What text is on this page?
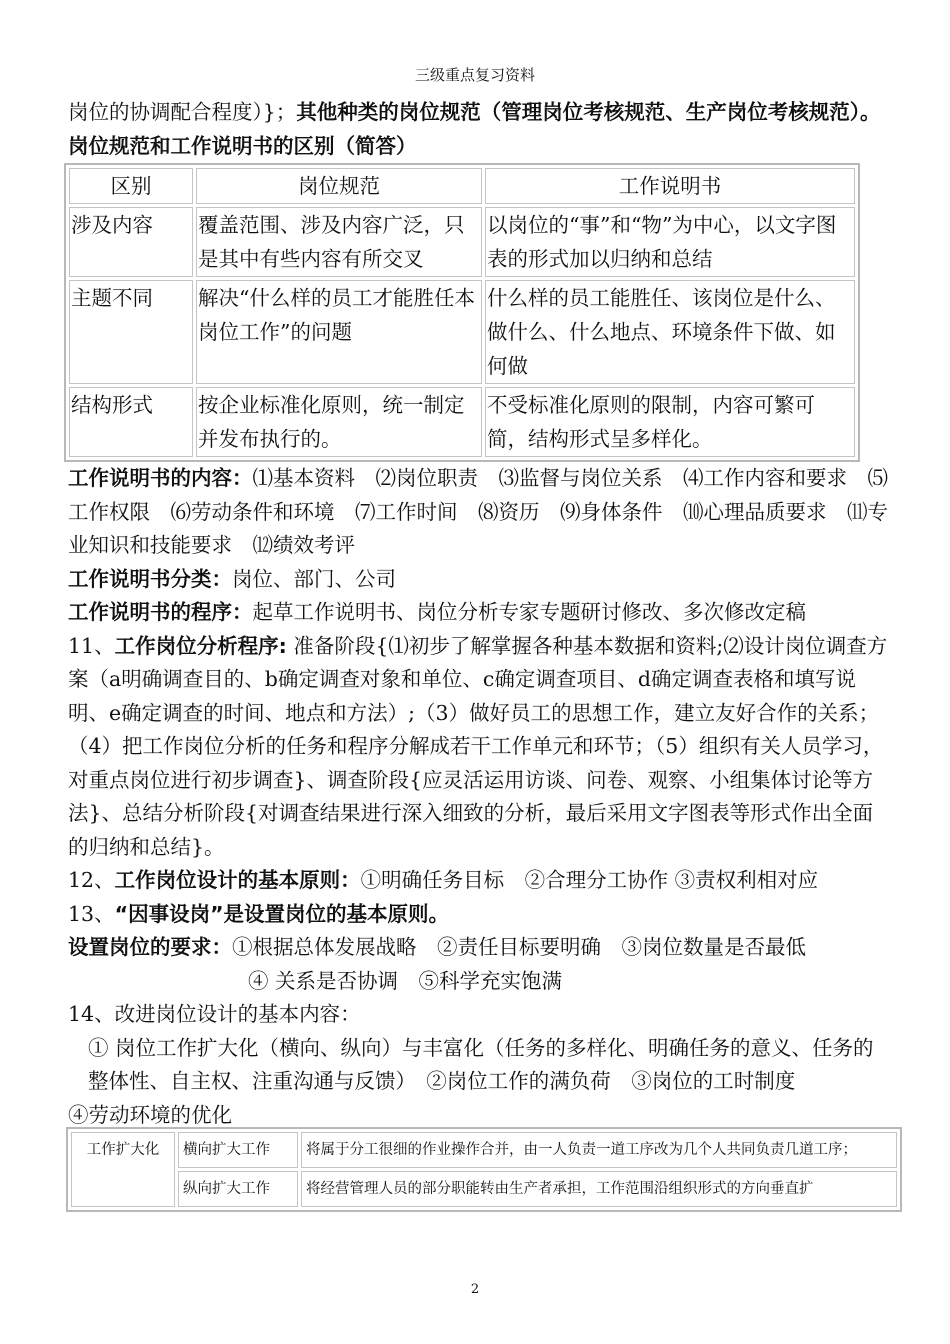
三级重点复习资料

岗位的协调配合程度）}；其他种类的岗位规范（管理岗位考核规范、生产岗位考核规范）。

岗位规范和工作说明书的区别（简答）

区别	岗位规范	工作说明书
涉及内容	覆盖范围、涉及内容广泛，只是其中有些内容有所交叉	以岗位的“事”和“物”为中心，以文字图表的形式加以归纳和总结
主题不同	解决“什么样的员工才能胜任本岗位工作”的问题	什么样的员工能胜任、该岗位是什么、做什么、什么地点、环境条件下做、如何做
结构形式	按企业标准化原则，统一制定并发布执行的。	不受标准化原则的限制，内容可繁可简，结构形式呈多样化。

工作说明书的内容：⑴基本资料　⑵岗位职责　⑶监督与岗位关系　⑷工作内容和要求　⑸工作权限　⑹劳动条件和环境　⑺工作时间　⑻资历　⑼身体条件　⑽心理品质要求　⑾专业知识和技能要求　⑿绩效考评

工作说明书分类：岗位、部门、公司

工作说明书的程序：起草工作说明书、岗位分析专家专题研讨修改、多次修改定稿

11、工作岗位分析程序: 准备阶段{⑴初步了解掌握各种基本数据和资料;⑵设计岗位调查方案（a明确调查目的、b确定调查对象和单位、c确定调查项目、d确定调查表格和填写说明、e确定调查的时间、地点和方法）;（3）做好员工的思想工作，建立友好合作的关系；（4）把工作岗位分析的任务和程序分解成若干工作单元和环节；（5）组织有关人员学习，对重点岗位进行初步调查}、调查阶段{应灵活运用访谈、问卷、观察、小组集体讨论等方法}、总结分析阶段{对调查结果进行深入细致的分析，最后采用文字图表等形式作出全面的归纳和总结}。

12、工作岗位设计的基本原则：①明确任务目标　②合理分工协作 ③责权利相对应

13、“因事设岗”是设置岗位的基本原则。

设置岗位的要求：①根据总体发展战略　②责任目标要明确　③岗位数量是否最低

④ 关系是否协调　⑤科学充实饱满

14、改进岗位设计的基本内容：

① 岗位工作扩大化（横向、纵向）与丰富化（任务的多样化、明确任务的意义、任务的整体性、自主权、注重沟通与反馈）　②岗位工作的满负荷　③岗位的工时制度

④劳动环境的优化

工作扩大化	横向扩大工作	将属于分工很细的作业操作合并，由一人负责一道工序改为几个人共同负责几道工序；
	纵向扩大工作	将经营管理人员的部分职能转由生产者承担，工作范围沿组织形式的方向垂直扩
2
